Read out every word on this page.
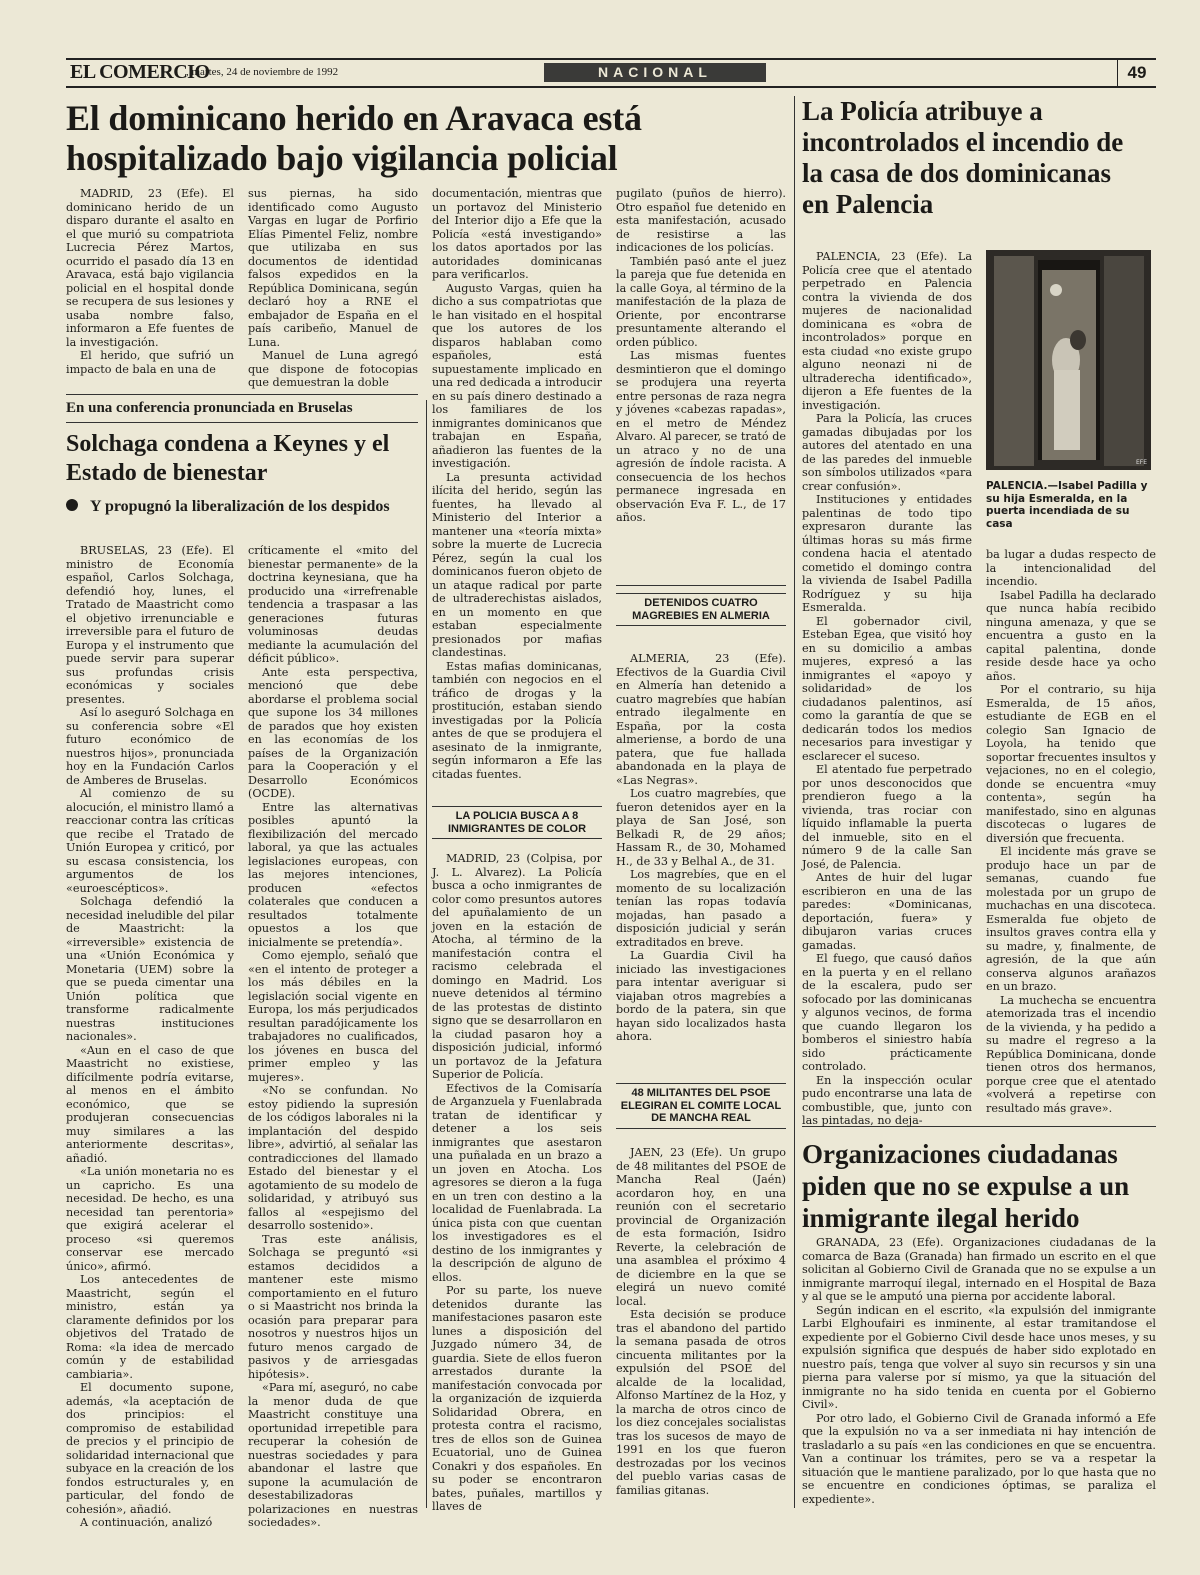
EL COMERCIO
, martes, 24 de noviembre de 1992	NACIONAL	49
El dominicano herido en Aravaca está hospitalizado bajo vigilancia policial

MADRID, 23 (Efe). El dominicano herido de un disparo durante el asalto en el que murió su compatriota Lucrecia Pérez Martos, ocurrido el pasado día 13 en Aravaca, está bajo vigilancia policial en el hospital donde se recupera de sus lesiones y usaba nombre falso, informaron a Efe fuentes de la investigación.

El herido, que sufrió un impacto de bala en una de

sus piernas, ha sido identificado como Augusto Vargas en lugar de Porfirio Elías Pimentel Feliz, nombre que utilizaba en sus documentos de identidad falsos expedidos en la República Dominicana, según declaró hoy a RNE el embajador de España en el país caribeño, Manuel de Luna.

Manuel de Luna agregó que dispone de fotocopias que demuestran la doble

documentación, mientras que un portavoz del Ministerio del Interior dijo a Efe que la Policía «está investigando» los datos aportados por las autoridades dominicanas para verificarlos.

Augusto Vargas, quien ha dicho a sus compatriotas que le han visitado en el hospital que los autores de los disparos hablaban como españoles, está supuestamente implicado en una red dedicada a introducir en su país dinero destinado a los familiares de los inmigrantes dominicanos que trabajan en España, añadieron las fuentes de la investigación.

La presunta actividad ilícita del herido, según las fuentes, ha llevado al Ministerio del Interior a mantener una «teoría mixta» sobre la muerte de Lucrecia Pérez, según la cual los dominicanos fueron objeto de un ataque radical por parte de ultraderechistas aislados, en un momento en que estaban especialmente presionados por mafias clandestinas.

Estas mafias dominicanas, también con negocios en el tráfico de drogas y la prostitución, estaban siendo investigadas por la Policía antes de que se produjera el asesinato de la inmigrante, según informaron a Efe las citadas fuentes.

pugilato (puños de hierro). Otro español fue detenido en esta manifestación, acusado de resistirse a las indicaciones de los policías.

También pasó ante el juez la pareja que fue detenida en la calle Goya, al término de la manifestación de la plaza de Oriente, por encontrarse presuntamente alterando el orden público.

Las mismas fuentes desmintieron que el domingo se produjera una reyerta entre personas de raza negra y jóvenes «cabezas rapadas», en el metro de Méndez Alvaro. Al parecer, se trató de un atraco y no de una agresión de índole racista. A consecuencia de los hechos permanece ingresada en observación Eva F. L., de 17 años.

LA POLICIA BUSCA A 8 INMIGRANTES DE COLOR

MADRID, 23 (Colpisa, por J. L. Alvarez). La Policía busca a ocho inmigrantes de color como presuntos autores del apuñalamiento de un joven en la estación de Atocha, al término de la manifestación contra el racismo celebrada el domingo en Madrid. Los nueve detenidos al término de las protestas de distinto signo que se desarrollaron en la ciudad pasaron hoy a disposición judicial, informó un portavoz de la Jefatura Superior de Policía.

Efectivos de la Comisaría de Arganzuela y Fuenlabrada tratan de identificar y detener a los seis inmigrantes que asestaron una puñalada en un brazo a un joven en Atocha. Los agresores se dieron a la fuga en un tren con destino a la localidad de Fuenlabrada. La única pista con que cuentan los investigadores es el destino de los inmigrantes y la descripción de alguno de ellos.

Por su parte, los nueve detenidos durante las manifestaciones pasaron este lunes a disposición del Juzgado número 34, de guardia. Siete de ellos fueron arrestados durante la manifestación convocada por la organización de izquierda Solidaridad Obrera, en protesta contra el racismo, tres de ellos son de Guinea Ecuatorial, uno de Guinea Conakri y dos españoles. En su poder se encontraron bates, puñales, martillos y llaves de

DETENIDOS CUATRO MAGREBIES EN ALMERIA

ALMERIA, 23 (Efe). Efectivos de la Guardia Civil en Almería han detenido a cuatro magrebíes que habían entrado ilegalmente en España, por la costa almeriense, a bordo de una patera, que fue hallada abandonada en la playa de «Las Negras».

Los cuatro magrebíes, que fueron detenidos ayer en la playa de San José, son Belkadi R, de 29 años; Hassam R., de 30, Mohamed H., de 33 y Belhal A., de 31.

Los magrebíes, que en el momento de su localización tenían las ropas todavía mojadas, han pasado a disposición judicial y serán extraditados en breve.

La Guardia Civil ha iniciado las investigaciones para intentar averiguar si viajaban otros magrebíes a bordo de la patera, sin que hayan sido localizados hasta ahora.

48 MILITANTES DEL PSOE ELEGIRAN EL COMITE LOCAL DE MANCHA REAL

JAEN, 23 (Efe). Un grupo de 48 militantes del PSOE de Mancha Real (Jaén) acordaron hoy, en una reunión con el secretario provincial de Organización de esta formación, Isidro Reverte, la celebración de una asamblea el próximo 4 de diciembre en la que se elegirá un nuevo comité local.

Esta decisión se produce tras el abandono del partido la semana pasada de otros cincuenta militantes por la expulsión del PSOE del alcalde de la localidad, Alfonso Martínez de la Hoz, y la marcha de otros cinco de los diez concejales socialistas tras los sucesos de mayo de 1991 en los que fueron destrozadas por los vecinos del pueblo varias casas de familias gitanas.

En una conferencia pronunciada en Bruselas
Solchaga condena a Keynes y el Estado de bienestar
Y propugnó la liberalización de los despidos

BRUSELAS, 23 (Efe). El ministro de Economía español, Carlos Solchaga, defendió hoy, lunes, el Tratado de Maastricht como el objetivo irrenunciable e irreversible para el futuro de Europa y el instrumento que puede servir para superar sus profundas crisis económicas y sociales presentes.

Así lo aseguró Solchaga en su conferencia sobre «El futuro económico de nuestros hijos», pronunciada hoy en la Fundación Carlos de Amberes de Bruselas.

Al comienzo de su alocución, el ministro llamó a reaccionar contra las críticas que recibe el Tratado de Unión Europea y criticó, por su escasa consistencia, los argumentos de los «euroescépticos».

Solchaga defendió la necesidad ineludible del pilar de Maastricht: la «irreversible» existencia de una «Unión Económica y Monetaria (UEM) sobre la que se pueda cimentar una Unión política que transforme radicalmente nuestras instituciones nacionales».

«Aun en el caso de que Maastricht no existiese, difícilmente podría evitarse, al menos en el ámbito económico, que se produjeran consecuencias muy similares a las anteriormente descritas», añadió.

«La unión monetaria no es un capricho. Es una necesidad. De hecho, es una necesidad tan perentoria» que exigirá acelerar el proceso «si queremos conservar ese mercado único», afirmó.

Los antecedentes de Maastricht, según el ministro, están ya claramente definidos por los objetivos del Tratado de Roma: «la idea de mercado común y de estabilidad cambiaria».

El documento supone, además, «la aceptación de dos principios: el compromiso de estabilidad de precios y el principio de solidaridad internacional que subyace en la creación de los fondos estructurales y, en particular, del fondo de cohesión», añadió.

A continuación, analizó

críticamente el «mito del bienestar permanente» de la doctrina keynesiana, que ha producido una «irrefrenable tendencia a traspasar a las generaciones futuras voluminosas deudas mediante la acumulación del déficit público».

Ante esta perspectiva, mencionó que debe abordarse el problema social que supone los 34 millones de parados que hoy existen en las economías de los países de la Organización para la Cooperación y el Desarrollo Económicos (OCDE).

Entre las alternativas posibles apuntó la flexibilización del mercado laboral, ya que las actuales legislaciones europeas, con las mejores intenciones, producen «efectos colaterales que conducen a resultados totalmente opuestos a los que inicialmente se pretendía».

Como ejemplo, señaló que «en el intento de proteger a los más débiles en la legislación social vigente en Europa, los más perjudicados resultan paradójicamente los trabajadores no cualificados, los jóvenes en busca del primer empleo y las mujeres».

«No se confundan. No estoy pidiendo la supresión de los códigos laborales ni la implantación del despido libre», advirtió, al señalar las contradicciones del llamado Estado del bienestar y el agotamiento de su modelo de solidaridad, y atribuyó sus fallos al «espejismo del desarrollo sostenido».

Tras este análisis, Solchaga se preguntó «si estamos decididos a mantener este mismo comportamiento en el futuro o si Maastricht nos brinda la ocasión para preparar para nosotros y nuestros hijos un futuro menos cargado de pasivos y de arriesgadas hipótesis».

«Para mí, aseguró, no cabe la menor duda de que Maastricht constituye una oportunidad irrepetible para recuperar la cohesión de nuestras sociedades y para abandonar el lastre que supone la acumulación de desestabilizadoras polarizaciones en nuestras sociedades».

La Policía atribuye a incontrolados el incendio de la casa de dos dominicanas en Palencia

PALENCIA, 23 (Efe). La Policía cree que el atentado perpetrado en Palencia contra la vivienda de dos mujeres de nacionalidad dominicana es «obra de incontrolados» porque en esta ciudad «no existe grupo alguno neonazi ni de ultraderecha identificado», dijeron a Efe fuentes de la investigación.

Para la Policía, las cruces gamadas dibujadas por los autores del atentado en una de las paredes del inmueble son símbolos utilizados «para crear confusión».

Instituciones y entidades palentinas de todo tipo expresaron durante las últimas horas su más firme condena hacia el atentado cometido el domingo contra la vivienda de Isabel Padilla Rodríguez y su hija Esmeralda.

El gobernador civil, Esteban Egea, que visitó hoy en su domicilio a ambas mujeres, expresó a las inmigrantes el «apoyo y solidaridad» de los ciudadanos palentinos, así como la garantía de que se dedicarán todos los medios necesarios para investigar y esclarecer el suceso.

El atentado fue perpetrado por unos desconocidos que prendieron fuego a la vivienda, tras rociar con líquido inflamable la puerta del inmueble, sito en el número 9 de la calle San José, de Palencia.

Antes de huir del lugar escribieron en una de las paredes: «Dominicanas, deportación, fuera» y dibujaron varias cruces gamadas.

El fuego, que causó daños en la puerta y en el rellano de la escalera, pudo ser sofocado por las dominicanas y algunos vecinos, de forma que cuando llegaron los bomberos el siniestro había sido prácticamente controlado.

En la inspección ocular pudo encontrarse una lata de combustible, que, junto con las pintadas, no deja-

EFE
PALENCIA.—Isabel Padilla y su hija Esmeralda, en la puerta incendiada de su casa

ba lugar a dudas respecto de la intencionalidad del incendio.

Isabel Padilla ha declarado que nunca había recibido ninguna amenaza, y que se encuentra a gusto en la capital palentina, donde reside desde hace ya ocho años.

Por el contrario, su hija Esmeralda, de 15 años, estudiante de EGB en el colegio San Ignacio de Loyola, ha tenido que soportar frecuentes insultos y vejaciones, no en el colegio, donde se encuentra «muy contenta», según ha manifestado, sino en algunas discotecas o lugares de diversión que frecuenta.

El incidente más grave se produjo hace un par de semanas, cuando fue molestada por un grupo de muchachas en una discoteca. Esmeralda fue objeto de insultos graves contra ella y su madre, y, finalmente, de agresión, de la que aún conserva algunos arañazos en un brazo.

La muchecha se encuentra atemorizada tras el incendio de la vivienda, y ha pedido a su madre el regreso a la República Dominicana, donde tienen otros dos hermanos, porque cree que el atentado «volverá a repetirse con resultado más grave».

Organizaciones ciudadanas piden que no se expulse a un inmigrante ilegal herido

GRANADA, 23 (Efe). Organizaciones ciudadanas de la comarca de Baza (Granada) han firmado un escrito en el que solicitan al Gobierno Civil de Granada que no se expulse a un inmigrante marroquí ilegal, internado en el Hospital de Baza y al que se le amputó una pierna por accidente laboral.

Según indican en el escrito, «la expulsión del inmigrante Larbi Elghoufairi es inminente, al estar tramitandose el expediente por el Gobierno Civil desde hace unos meses, y su expulsión significa que después de haber sido explotado en nuestro país, tenga que volver al suyo sin recursos y sin una pierna para valerse por sí mismo, ya que la situación del inmigrante no ha sido tenida en cuenta por el Gobierno Civil».

Por otro lado, el Gobierno Civil de Granada informó a Efe que la expulsión no va a ser inmediata ni hay intención de trasladarlo a su país «en las condiciones en que se encuentra. Van a continuar los trámites, pero se va a respetar la situación que le mantiene paralizado, por lo que hasta que no se encuentre en condiciones óptimas, se paraliza el expediente».
